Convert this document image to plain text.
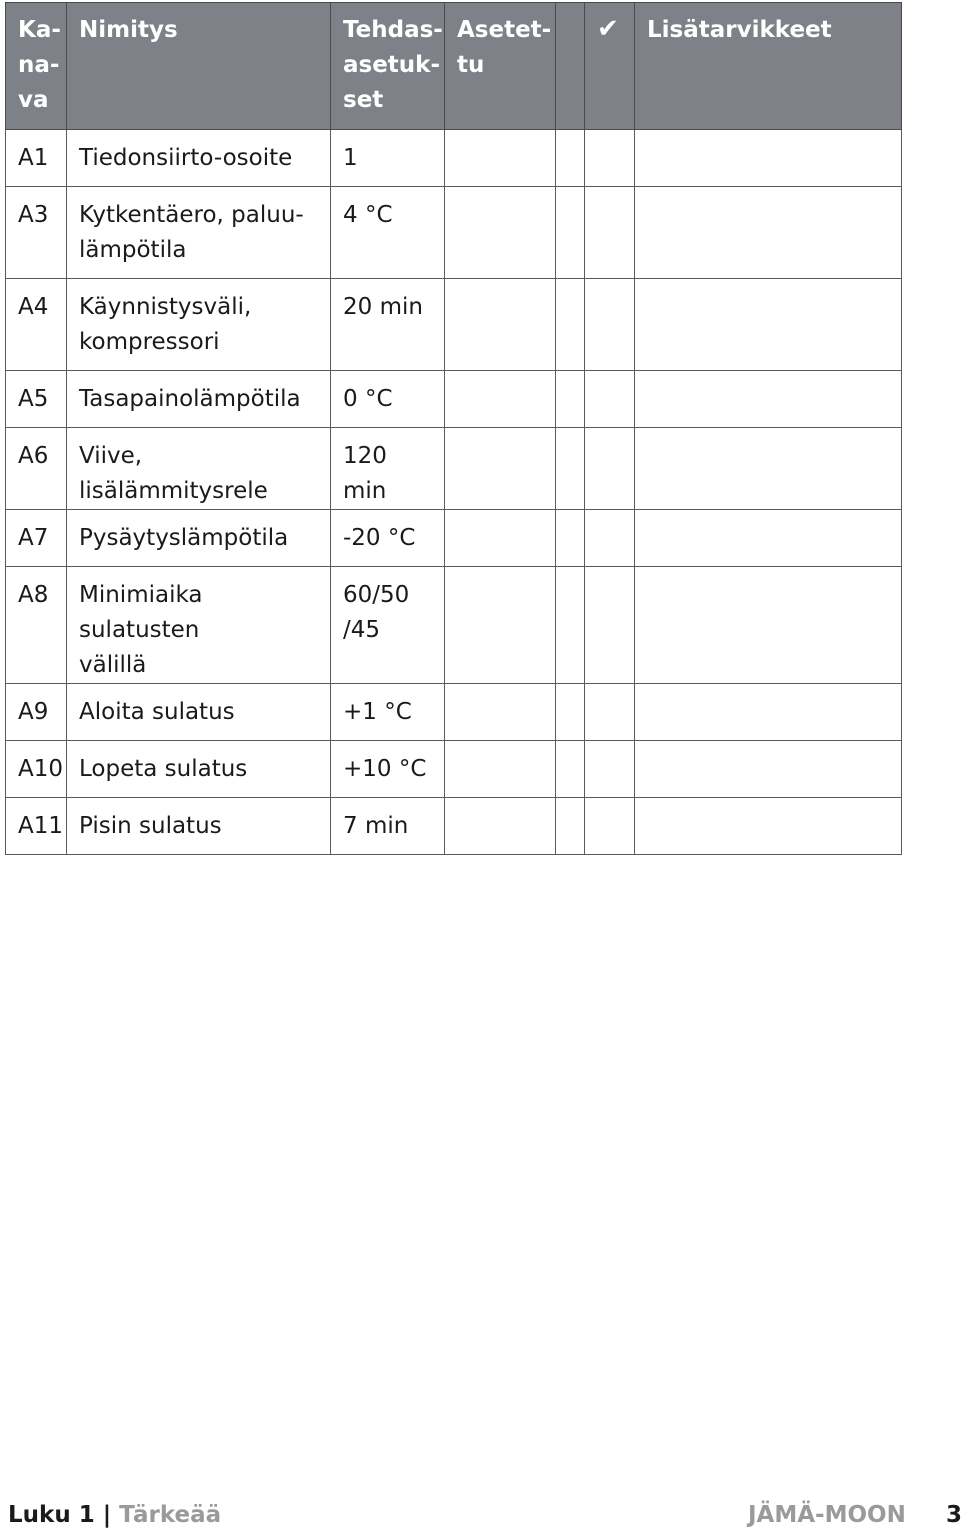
Ka-
na-
va	Nimitys	Tehdas-
asetuk-
set	Asetet-
tu		✔	Lisätarvikkeet

A1	Tiedonsiirto-osoite	1				

A3	Kytkentäero, paluu-
lämpötila	4 °C				

A4	Käynnistysväli,
kompressori	20 min				

A5	Tasapainolämpötila	0 °C				

A6	Viive, lisälämmitysrele	120 min				

A7	Pysäytyslämpötila	-20 °C				

A8	Minimiaika sulatusten
välillä	60/50
/45				

A9	Aloita sulatus	+1 °C				

A10	Lopeta sulatus	+10 °C				

A11	Pisin sulatus	7 min				

Luku 1 | Tärkeää	JÄMÄ-MOON 3
